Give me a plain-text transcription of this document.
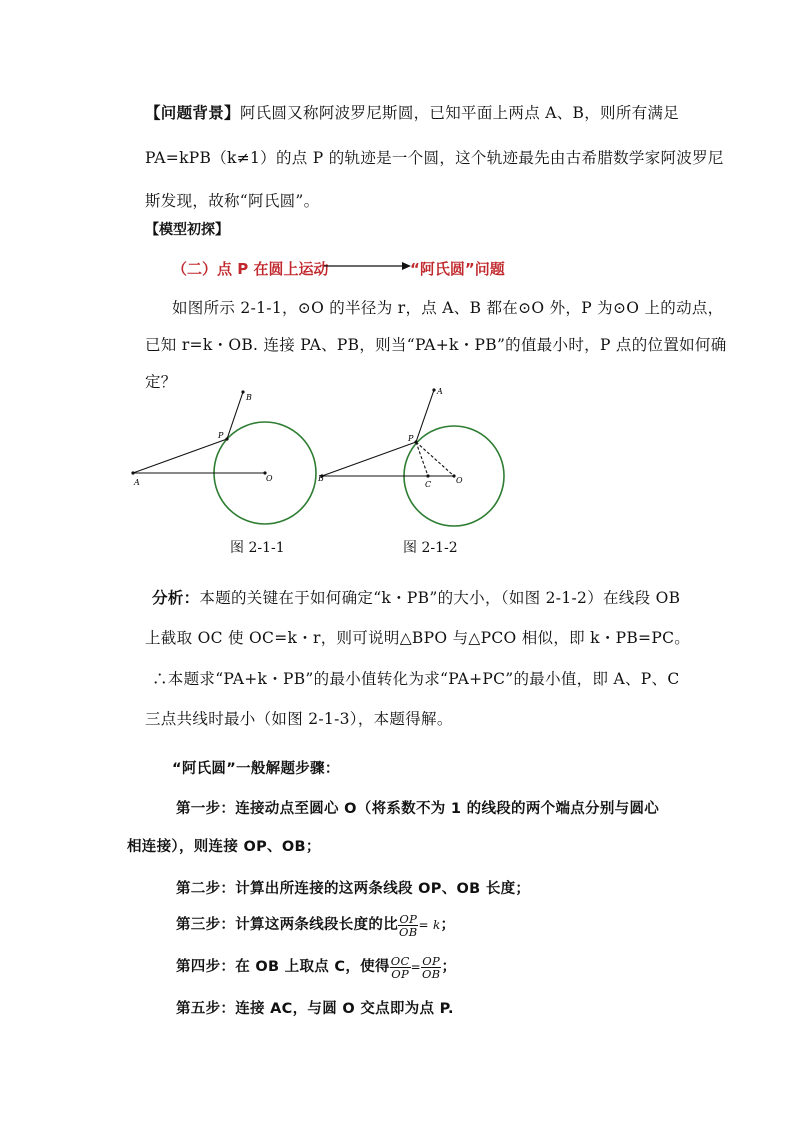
【问题背景】阿氏圆又称阿波罗尼斯圆，已知平面上两点 A、B，则所有满足
PA=kPB（k≠1）的点 P 的轨迹是一个圆，这个轨迹最先由古希腊数学家阿波罗尼
斯发现，故称“阿氏圆”。
【模型初探】
（二）点 P 在圆上运动	“阿氏圆”问题
如图所示 2-1-1，⊙O 的半径为 r，点 A、B 都在⊙O 外，P 为⊙O 上的动点，
已知 r=k・OB. 连接 PA、PB，则当“PA+k・PB”的值最小时，P 点的位置如何确
定？
A
B
P
O
图 2-1-1
B
A
P
C	O
图 2-1-2
分析：本题的关键在于如何确定“k・PB”的大小，（如图 2-1-2）在线段 OB
上截取 OC 使 OC=k・r，则可说明△BPO 与△PCO 相似，即 k・PB=PC。
∴本题求“PA+k・PB”的最小值转化为求“PA+PC”的最小值，即 A、P、C
三点共线时最小（如图 2-1-3），本题得解。
“阿氏圆”一般解题步骤：
第一步：连接动点至圆心 O（将系数不为 1 的线段的两个端点分别与圆心
相连接），则连接 OP、OB；
第二步：计算出所连接的这两条线段 OP、OB 长度；
第三步：计算这两条线段长度的比 $\frac{OP}{OB} = k$；
第四步：在 OB 上取点 C，使得 $\frac{OC}{OP} = \frac{OP}{OB}$ ；
第五步：连接 AC，与圆 O 交点即为点 P.
